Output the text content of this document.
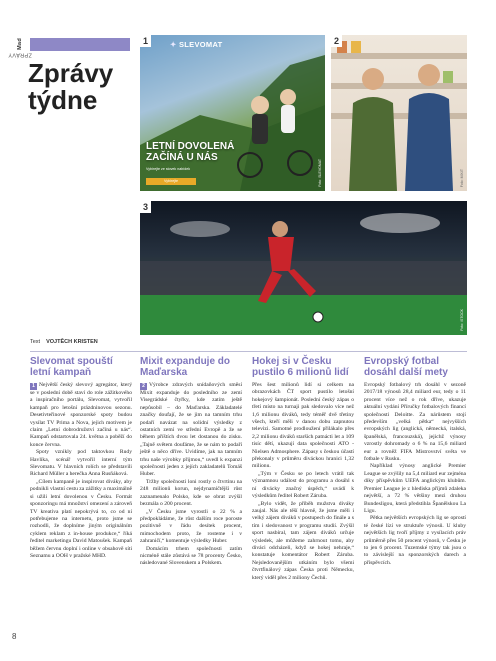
ZPRÁVY Mad
Zprávy týdne
1
✦	SLEVOMAT
LETNÍ DOVOLENÁ ZAČÍNÁ U NÁS
Vybírejte ze stovek nabídek
Vybírejte	Foto: SLEVOMAT
2
Foto: MIXIT
3
Foto: iSTOCK
Text VOJTĚCH KRISTEN
Slevomat spouští letní kampaň

1 Největší český slevový agregátor, který se v poslední době staví do role zážitkového a inspiračního portálu, Slevomat, vytvořil kampaň pro letošní prázdninovou sezonu. Desetivteřinové sponzorské spoty budou vysílat TV Prima a Nova, jejich motivem je claim „Letní dobrodružství začíná u nás“. Kampaň odstartovala 24. května a poběží do konce června.

Spoty vznikly pod taktovkou Rudy Havlíka, scénář vytvořil interní tým Slevomatu. V hlavních rolích se představili Richard Müller a herečka Anna Rusňáková.

„Cílem kampaně je inspirovat diváky, aby podnikli vlastní cestu za zážitky a maximálně si užili letní dovolenou v Česku. Formát sponzoringu má množství omezení a zároveň TV kreativa platí nepokrývá to, co od ní potřebujeme na internetu, proto jsme se rozhodli, že doplníme jiným originálním cyklem reklam z in-house produkce,“ říká ředitel marketingu David Matoušek. Kampaň běžem červnu doplní i online v obsahově síti Seznamu a OOH v pražské MHD.

Mixit expanduje do Maďarska

2 Výrobce zdravých snídaňových směsí Mixit expanduje do posledního ze zemí Visegrádské čtyřky, kde zatím ještě nepůsobil – do Maďarska. Základatelé značky doufají, že se jim na tamním trhu podaří navázat na solidní výsledky z ostatních zemí ve střední Evropě a že se během příštích dvou let dostanou do zisku. „Tajně světem doufáme, že se nám to podaří ještě o něco dříve. Uvidíme, jak na tamním trhu naše výrobky přijmou,“ uvedl k expanzi společnosti jeden z jejích zakladatelů Tomáš Huber.

Tržby společnosti loni rostly o čtvrtinu na 248 milionů korun, nejdynamičtější růst zaznamenalo Polsko, kde se obrat zvýšil bezmála o 200 procent.

„V Česku jsme vyrostli o 22 % a předpokládáme, že růst dalším roce poroste pozitivně v řádu desítek procent, mimochodem proto, že rosteme i v zahraničí,“ komentuje výsledky Huber.

Domácím trhem společnosti zatím nicméně stále zůstává se 78 procenty Česko, následované Slovenskem a Polskem.

Hokej si v Česku pustilo 6 milionů lidí

Přes šest milionů lidí si celkem na obrazovkách ČT sport pustilo letošní hokejový šampionát. Poslední český zápas o třetí místo na turnaji pak sledovalo více než 1,6 milionu diváků, tedy téměř dvě třetiny všech, kteří měli v danou dobu zapnutou televizi. Samotné prodloužení přilákalo přes 2,2 milionu diváků starších patnácti let a 109 tisíc dětí, ukazují data společnosti ATO - Nielsen Admosphere. Zápasy s českou účastí překonaly v průměru diváckou hranici 1,32 milionu.

„Tým v Česku se po letech vrátil tak významnou událost do programu a dosáhl s ní divácky značný úspěch,“ uvádí k výsledkům ředitel Robert Záruba.

„Bylo vidět, že příběh mužstva diváky zaujal. Nás ale těší hlavně, že jsme měli i velký zájem diváků v postupech do finále a s tím i sledovanost v programu studií. Zvýšil sport nasbíral, tam zájem diváků určuje výsledek, ale můžeme zahrnout tomu, aby diváci odcházeli, když se hokej nehraje,“ konstatuje komentátor Robert Záruba. Nejsledovanějším utkáním bylo všemi čtvrtfinálový zápas Česka proti Německu, který viděl přes 2 miliony Čechů.

Evropský fotbal dosáhl další mety

Evropský fotbalový trh dosáhl v sezoně 2017/18 výnosů 28,4 miliard eur, tedy o 11 procent více než o rok dříve, ukazuje aktuální vydání Příručky fotbalových financí společnosti Deloitte. Za nárůstem stojí především „velká pětka“ nejvyšších evropských lig (anglická, německá, italská, španělská, francouzská), jejichž výnosy vzrostly dohromady o 6 % na 15,6 miliard eur a rovněž FIFA Mistrovství světa ve fotbale v Rusku.

Například výnosy anglické Premier League se zvýšily na 5,4 miliard eur zejména díky příspěvkům UEFA anglickým klubům. Premier League je z hlediska příjmů zdaleka největší, a 72 % většiny mezi druhou Bundesligou, která předstihla Španělskou La Ligu.

Pětka největších evropských lig se oprostí té české lízí ve struktuře výnosů. U kluby největších lig tvoří příjmy z vysílacích práv průměrně přes 50 procent výnosů, v Česku je to jen 6 procent. Tuzemské týmy tak jsou o to závislejší na sponzorských darech a příspěvcích.

8
